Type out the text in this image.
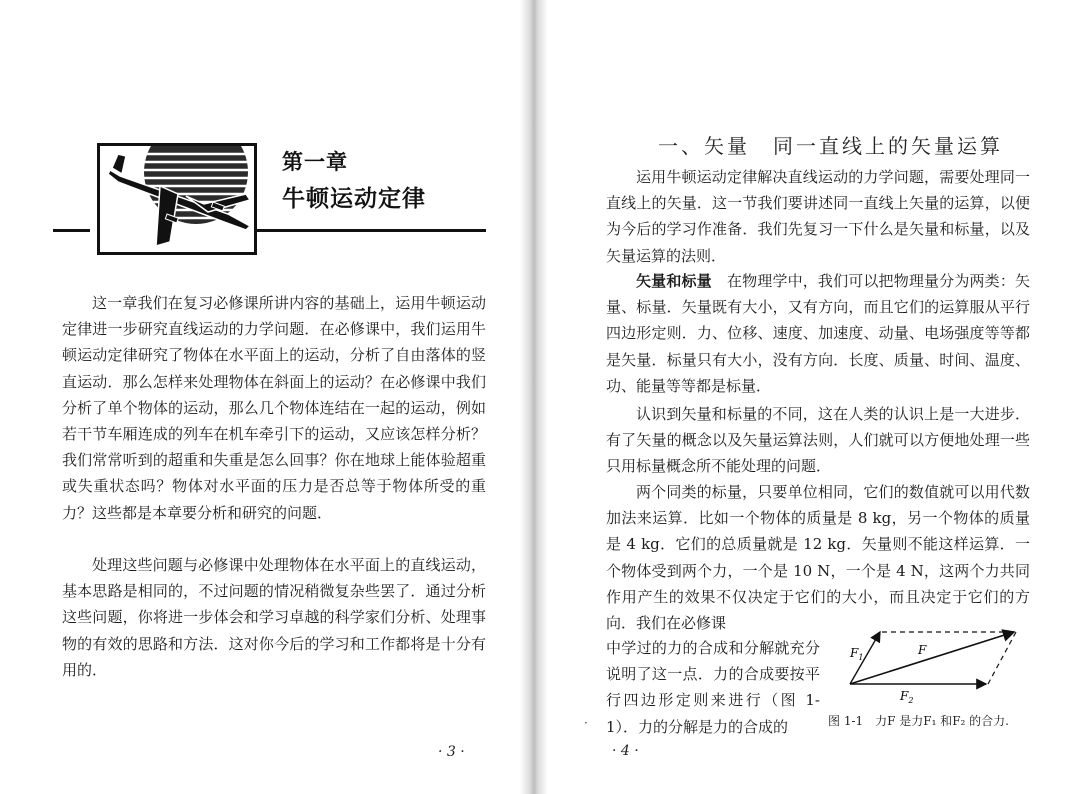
第一章
牛顿运动定律

这一章我们在复习必修课所讲内容的基础上，运用牛顿运动定律进一步研究直线运动的力学问题．在必修课中，我们运用牛顿运动定律研究了物体在水平面上的运动，分析了自由落体的竖直运动．那么怎样来处理物体在斜面上的运动？在必修课中我们分析了单个物体的运动，那么几个物体连结在一起的运动，例如若干节车厢连成的列车在机车牵引下的运动，又应该怎样分析？我们常常听到的超重和失重是怎么回事？你在地球上能体验超重或失重状态吗？物体对水平面的压力是否总等于物体所受的重力？这些都是本章要分析和研究的问题．

处理这些问题与必修课中处理物体在水平面上的直线运动，基本思路是相同的，不过问题的情况稍微复杂些罢了．通过分析这些问题，你将进一步体会和学习卓越的科学家们分析、处理事物的有效的思路和方法．这对你今后的学习和工作都将是十分有用的．

· 3 ·
一、矢量　同一直线上的矢量运算

运用牛顿运动定律解决直线运动的力学问题，需要处理同一直线上的矢量．这一节我们要讲述同一直线上矢量的运算，以便为今后的学习作准备．我们先复习一下什么是矢量和标量，以及矢量运算的法则．

矢量和标量　 在物理学中，我们可以把物理量分为两类：矢量、标量．矢量既有大小，又有方向，而且它们的运算服从平行四边形定则．力、位移、速度、加速度、动量、电场强度等等都是矢量．标量只有大小，没有方向．长度、质量、时间、温度、功、能量等等都是标量．

认识到矢量和标量的不同，这在人类的认识上是一大进步．有了矢量的概念以及矢量运算法则，人们就可以方便地处理一些只用标量概念所不能处理的问题．

两个同类的标量，只要单位相同，它们的数值就可以用代数加法来运算．比如一个物体的质量是 8 kg，另一个物体的质量是 4 kg．它们的总质量就是 12 kg．矢量则不能这样运算．一个物体受到两个力，一个是 10 N，一个是 4 N，这两个力共同作用产生的效果不仅决定于它们的大小，而且决定于它们的方向．我们在必修课

中学过的力的合成和分解就充分说明了这一点．力的合成要按平行四边形定则来进行（图 1-1）．力的分解是力的合成的

$F_1$
F
$F_2$
图 1-1　力F 是力F₁ 和F₂ 的合力.
·
· 4 ·
